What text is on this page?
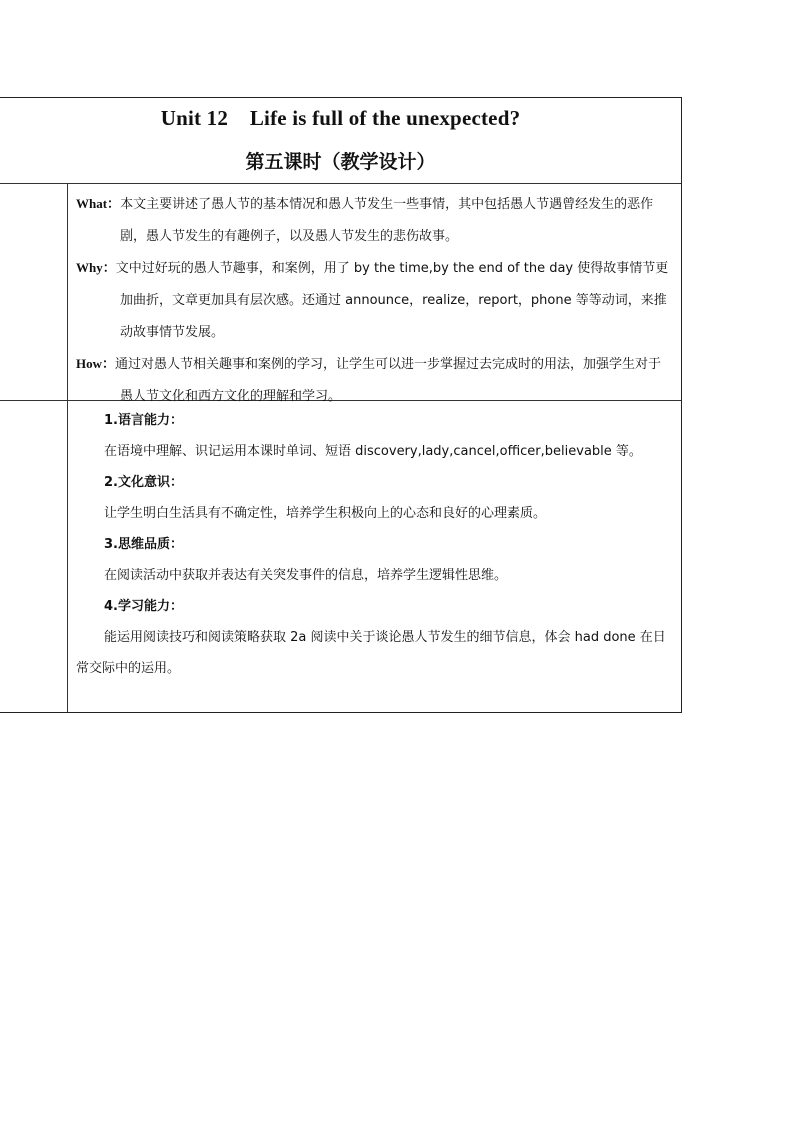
Unit 12    Life is full of the unexpected?
第五课时（教学设计）
What：本文主要讲述了愚人节的基本情况和愚人节发生一些事情，其中包括愚人节遇曾经发生的恶作剧，愚人节发生的有趣例子，以及愚人节发生的悲伤故事。
Why：文中过好玩的愚人节趣事，和案例，用了 by the time,by the end of the day 使得故事情节更加曲折，文章更加具有层次感。还通过 announce，realize，report，phone 等等动词，来推动故事情节发展。
How：通过对愚人节相关趣事和案例的学习，让学生可以进一步掌握过去完成时的用法，加强学生对于愚人节文化和西方文化的理解和学习。
1.语言能力：
在语境中理解、识记运用本课时单词、短语 discovery,lady,cancel,officer,believable 等。
2.文化意识：
让学生明白生活具有不确定性，培养学生积极向上的心态和良好的心理素质。
3.思维品质：
在阅读活动中获取并表达有关突发事件的信息，培养学生逻辑性思维。
4.学习能力：
能运用阅读技巧和阅读策略获取 2a 阅读中关于谈论愚人节发生的细节信息，体会 had done 在日常交际中的运用。
